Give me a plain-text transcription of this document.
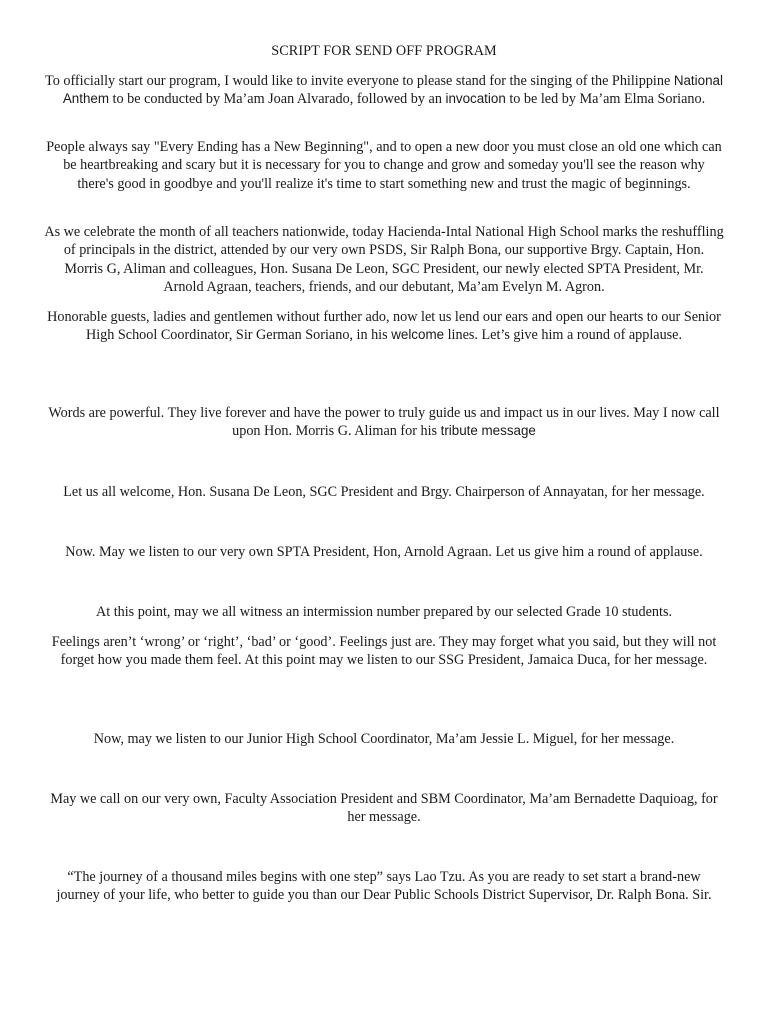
SCRIPT FOR SEND OFF PROGRAM

To officially start our program, I would like to invite everyone to please stand for the singing of the Philippine National Anthem to be conducted by Ma’am Joan Alvarado, followed by an invocation to be led by Ma’am Elma Soriano.

People always say "Every Ending has a New Beginning", and to open a new door you must close an old one which can be heartbreaking and scary but it is necessary for you to change and grow and someday you'll see the reason why there's good in goodbye and you'll realize it's time to start something new and trust the magic of beginnings.

As we celebrate the month of all teachers nationwide, today Hacienda-Intal National High School marks the reshuffling of principals in the district, attended by our very own PSDS, Sir Ralph Bona, our supportive Brgy. Captain, Hon. Morris G, Aliman and colleagues, Hon. Susana De Leon, SGC President, our newly elected SPTA President, Mr. Arnold Agraan, teachers, friends, and our debutant, Ma’am Evelyn M. Agron.

Honorable guests, ladies and gentlemen without further ado, now let us lend our ears and open our hearts to our Senior High School Coordinator, Sir German Soriano, in his welcome lines. Let’s give him a round of applause.

Words are powerful. They live forever and have the power to truly guide us and impact us in our lives. May I now call upon Hon. Morris G. Aliman for his tribute message

Let us all welcome, Hon. Susana De Leon, SGC President and Brgy. Chairperson of Annayatan, for her message.

Now. May we listen to our very own SPTA President, Hon, Arnold Agraan. Let us give him a round of applause.

At this point, may we all witness an intermission number prepared by our selected Grade 10 students.

Feelings aren’t ‘wrong’ or ‘right’, ‘bad’ or ‘good’. Feelings just are. They may forget what you said, but they will not forget how you made them feel. At this point may we listen to our SSG President, Jamaica Duca, for her message.

Now, may we listen to our Junior High School Coordinator, Ma’am Jessie L. Miguel, for her message.

May we call on our very own, Faculty Association President and SBM Coordinator, Ma’am Bernadette Daquioag, for her message.

“The journey of a thousand miles begins with one step” says Lao Tzu. As you are ready to set start a brand-new journey of your life, who better to guide you than our Dear Public Schools District Supervisor, Dr. Ralph Bona. Sir.
